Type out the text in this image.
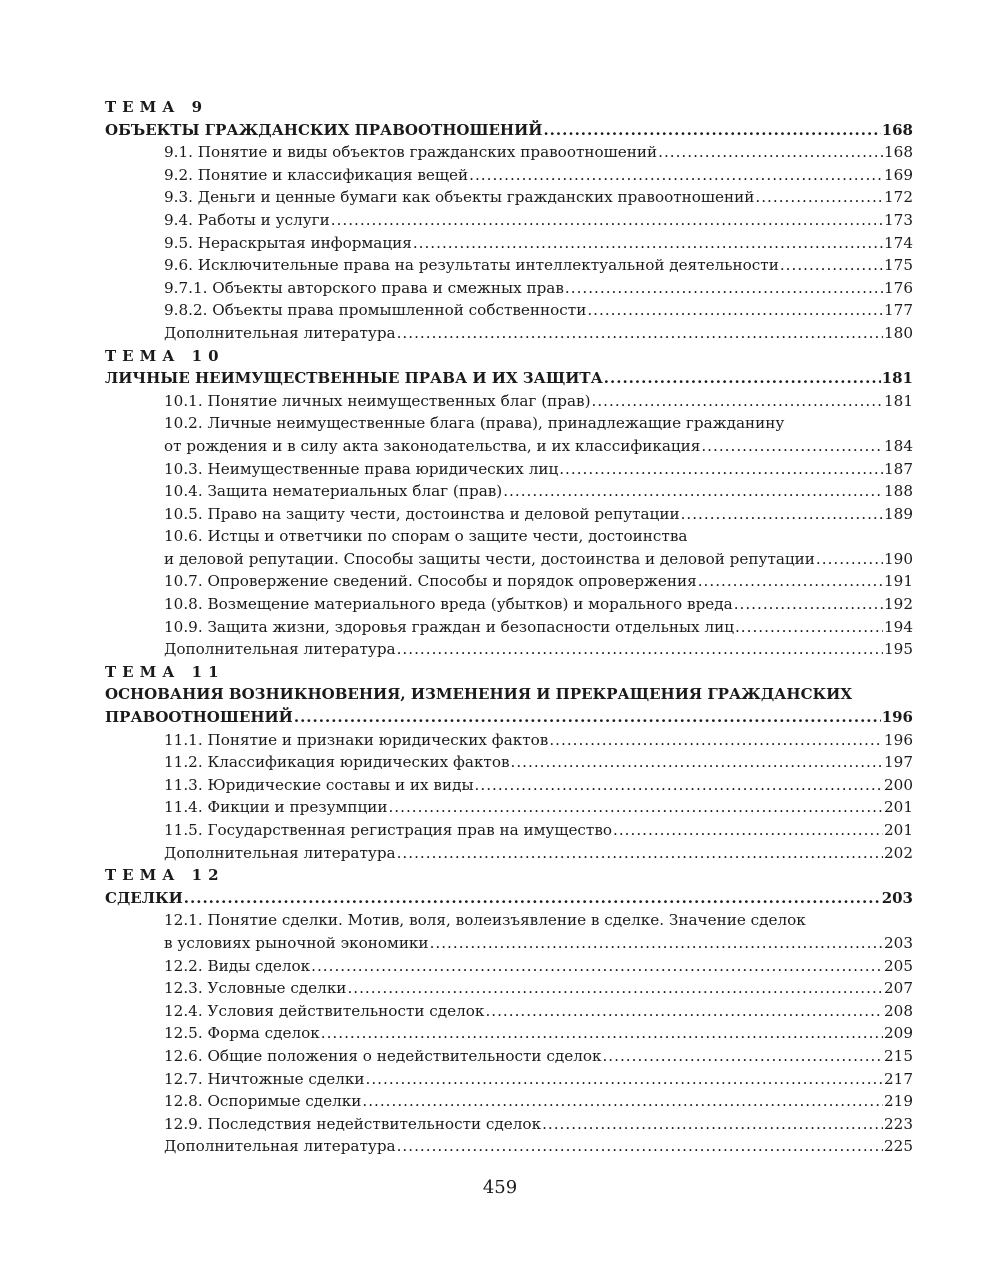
ТЕМА 9
ОБЪЕКТЫ ГРАЖДАНСКИХ ПРАВООТНОШЕНИЙ .....	168
9.1. Понятие и виды объектов гражданских правоотношений .....	168
9.2. Понятие и классификация вещей .....	169
9.3. Деньги и ценные бумаги как объекты гражданских правоотношений .....	172
9.4. Работы и услуги .....	173
9.5. Нераскрытая информация .....	174
9.6. Исключительные права на результаты интеллектуальной деятельности .....	175
9.7.1. Объекты авторского права и смежных прав .....	176
9.8.2. Объекты права промышленной собственности .....	177
Дополнительная литература .....	180
ТЕМА 10
ЛИЧНЫЕ НЕИМУЩЕСТВЕННЫЕ ПРАВА И ИХ ЗАЩИТА .....	181
10.1. Понятие личных неимущественных благ (прав) .....	181
10.2. Личные неимущественные блага (права), принадлежащие гражданину
от рождения и в силу акта законодательства, и их классификация .....	184
10.3. Неимущественные права юридических лиц .....	187
10.4. Защита нематериальных благ (прав) .....	188
10.5. Право на защиту чести, достоинства и деловой репутации .....	189
10.6. Истцы и ответчики по спорам о защите чести, достоинства
и деловой репутации. Способы защиты чести, достоинства и деловой репутации .....	190
10.7. Опровержение сведений. Способы и порядок опровержения .....	191
10.8. Возмещение материального вреда (убытков) и морального вреда .....	192
10.9. Защита жизни, здоровья граждан и безопасности отдельных лиц .....	194
Дополнительная литература .....	195
ТЕМА 11
ОСНОВАНИЯ ВОЗНИКНОВЕНИЯ, ИЗМЕНЕНИЯ И ПРЕКРАЩЕНИЯ ГРАЖДАНСКИХ
ПРАВООТНОШЕНИЙ .....	196
11.1. Понятие и признаки юридических фактов .....	196
11.2. Классификация юридических фактов .....	197
11.3. Юридические составы и их виды .....	200
11.4. Фикции и презумпции .....	201
11.5. Государственная регистрация прав на имущество .....	201
Дополнительная литература .....	202
ТЕМА 12
СДЕЛКИ .....	203
12.1. Понятие сделки. Мотив, воля, волеизъявление в сделке. Значение сделок
в условиях рыночной экономики .....	203
12.2. Виды сделок .....	205
12.3. Условные сделки .....	207
12.4. Условия действительности сделок .....	208
12.5. Форма сделок .....	209
12.6. Общие положения о недействительности сделок .....	215
12.7. Ничтожные сделки .....	217
12.8. Оспоримые сделки .....	219
12.9. Последствия недействительности сделок .....	223
Дополнительная литература .....	225
459
